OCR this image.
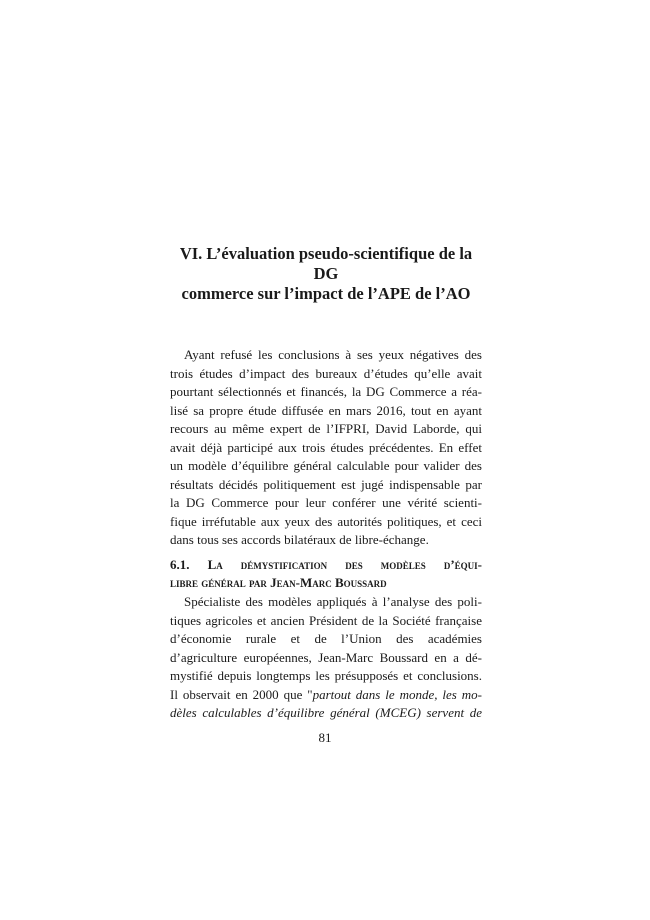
VI. L’évaluation pseudo-scientifique de la DG
commerce sur l’impact de l’APE de l’AO

Ayant refusé les conclusions à ses yeux négatives des
trois études d’impact des bureaux d’études qu’elle avait
pourtant sélectionnés et financés, la DG Commerce a réa-
lisé sa propre étude diffusée en mars 2016, tout en ayant
recours au même expert de l’IFPRI, David Laborde, qui
avait déjà participé aux trois études précédentes. En effet
un modèle d’équilibre général calculable pour valider des
résultats décidés politiquement est jugé indispensable par
la DG Commerce pour leur conférer une vérité scienti-
fique irréfutable aux yeux des autorités politiques, et ceci
dans tous ses accords bilatéraux de libre-échange.

6.1. La démystification des modèles d’équi-
libre général par Jean-Marc Boussard

Spécialiste des modèles appliqués à l’analyse des poli-
tiques agricoles et ancien Président de la Société française
d’économie rurale et de l’Union des académies
d’agriculture européennes, Jean-Marc Boussard en a dé-
mystifié depuis longtemps les présupposés et conclusions.
Il observait en 2000 que "partout dans le monde, les mo-
dèles calculables d’équilibre général (MCEG) servent de

81
